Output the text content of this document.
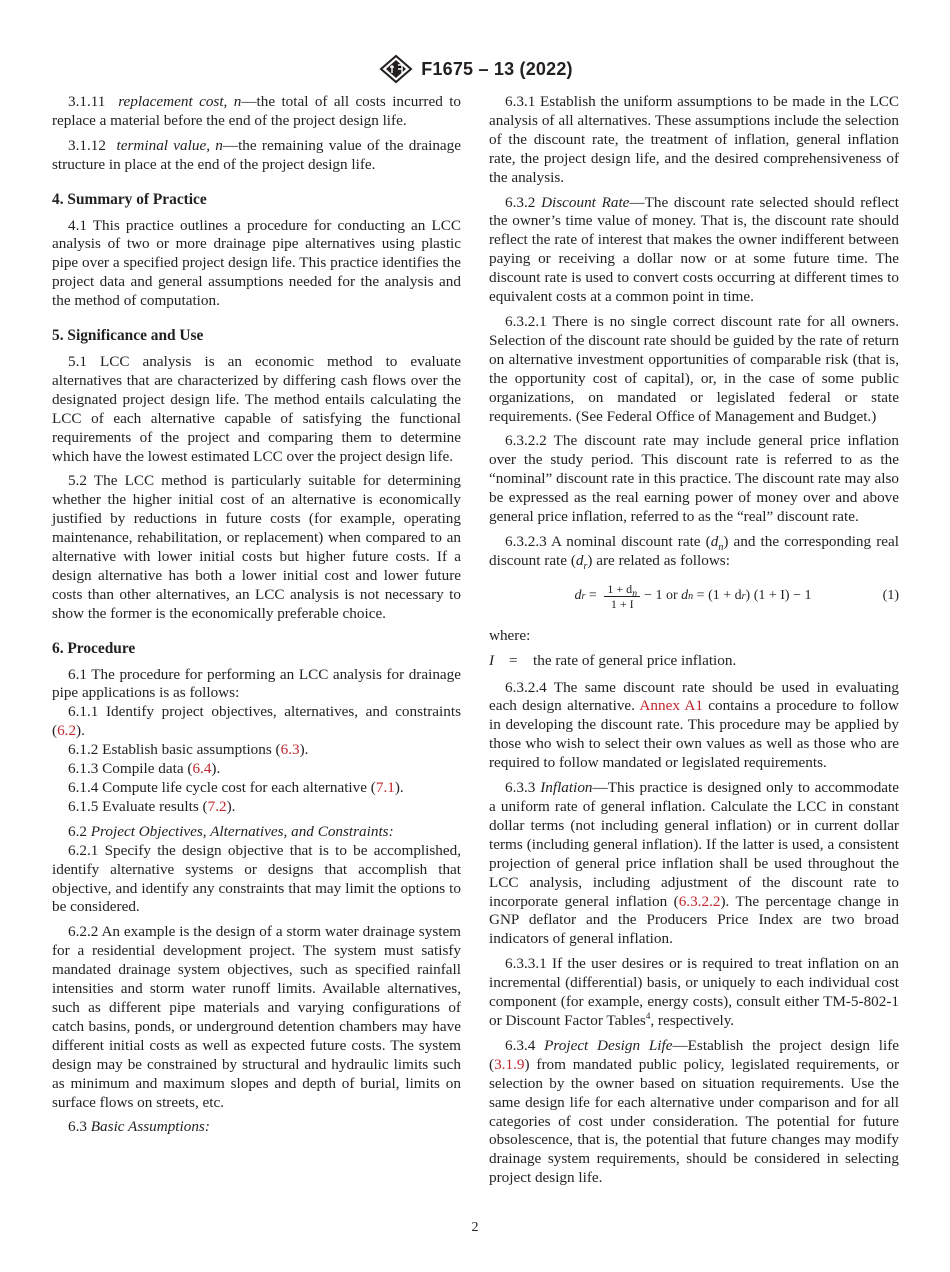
F1675 – 13 (2022)

3.1.11 replacement cost, n—the total of all costs incurred to replace a material before the end of the project design life.

3.1.12 terminal value, n—the remaining value of the drainage structure in place at the end of the project design life.

4. Summary of Practice

4.1 This practice outlines a procedure for conducting an LCC analysis of two or more drainage pipe alternatives using plastic pipe over a specified project design life. This practice identifies the project data and general assumptions needed for the analysis and the method of computation.

5. Significance and Use

5.1 LCC analysis is an economic method to evaluate alternatives that are characterized by differing cash flows over the designated project design life. The method entails calculating the LCC of each alternative capable of satisfying the functional requirements of the project and comparing them to determine which have the lowest estimated LCC over the project design life.

5.2 The LCC method is particularly suitable for determining whether the higher initial cost of an alternative is economically justified by reductions in future costs (for example, operating maintenance, rehabilitation, or replacement) when compared to an alternative with lower initial costs but higher future costs. If a design alternative has both a lower initial cost and lower future costs than other alternatives, an LCC analysis is not necessary to show the former is the economically preferable choice.

6. Procedure

6.1 The procedure for performing an LCC analysis for drainage pipe applications is as follows:

6.1.1 Identify project objectives, alternatives, and constraints (6.2).

6.1.2 Establish basic assumptions (6.3).

6.1.3 Compile data (6.4).

6.1.4 Compute life cycle cost for each alternative (7.1).

6.1.5 Evaluate results (7.2).

6.2 Project Objectives, Alternatives, and Constraints:

6.2.1 Specify the design objective that is to be accomplished, identify alternative systems or designs that accomplish that objective, and identify any constraints that may limit the options to be considered.

6.2.2 An example is the design of a storm water drainage system for a residential development project. The system must satisfy mandated drainage system objectives, such as specified rainfall intensities and storm water runoff limits. Available alternatives, such as different pipe materials and varying configurations of catch basins, ponds, or underground detention chambers may have different initial costs as well as expected future costs. The system design may be constrained by structural and hydraulic limits such as minimum and maximum slopes and depth of burial, limits on surface flows on streets, etc.

6.3 Basic Assumptions:

6.3.1 Establish the uniform assumptions to be made in the LCC analysis of all alternatives. These assumptions include the selection of the discount rate, the treatment of inflation, general inflation rate, the project design life, and the desired comprehensiveness of the analysis.

6.3.2 Discount Rate—The discount rate selected should reflect the owner’s time value of money. That is, the discount rate should reflect the rate of interest that makes the owner indifferent between paying or receiving a dollar now or at some future time. The discount rate is used to convert costs occurring at different times to equivalent costs at a common point in time.

6.3.2.1 There is no single correct discount rate for all owners. Selection of the discount rate should be guided by the rate of return on alternative investment opportunities of comparable risk (that is, the opportunity cost of capital), or, in the case of some public organizations, on mandated or legislated federal or state requirements. (See Federal Office of Management and Budget.)

6.3.2.2 The discount rate may include general price inflation over the study period. This discount rate is referred to as the “nominal” discount rate in this practice. The discount rate may also be expressed as the real earning power of money over and above general price inflation, referred to as the “real” discount rate.

6.3.2.3 A nominal discount rate $(d_n)$ and the corresponding real discount rate $(d_r)$ are related as follows:

d $r = \frac{1 + d_n}{1 + I} - 1$ or
d n = (1 + d r ) (1 + I) − 1	(1)

where:

I =	the rate of general price inflation.

6.3.2.4 The same discount rate should be used in evaluating each design alternative. Annex A1 contains a procedure to follow in developing the discount rate. This procedure may be applied by those who wish to select their own values as well as those who are required to follow mandated or legislated requirements.

6.3.3 Inflation—This practice is designed only to accommodate a uniform rate of general inflation. Calculate the LCC in constant dollar terms (not including general inflation) or in current dollar terms (including general inflation). If the latter is used, a consistent projection of general price inflation shall be used throughout the LCC analysis, including adjustment of the discount rate to incorporate general inflation (6.3.2.2). The percentage change in GNP deflator and the Producers Price Index are two broad indicators of general inflation.

6.3.3.1 If the user desires or is required to treat inflation on an incremental (differential) basis, or uniquely to each individual cost component (for example, energy costs), consult either TM-5-802-1 or Discount Factor Tables$^4$, respectively.

6.3.4 Project Design Life—Establish the project design life (3.1.9) from mandated public policy, legislated requirements, or selection by the owner based on situation requirements. Use the same design life for each alternative under comparison and for all categories of cost under consideration. The potential for future obsolescence, that is, the potential that future changes may modify drainage system requirements, should be considered in selecting project design life.

2
